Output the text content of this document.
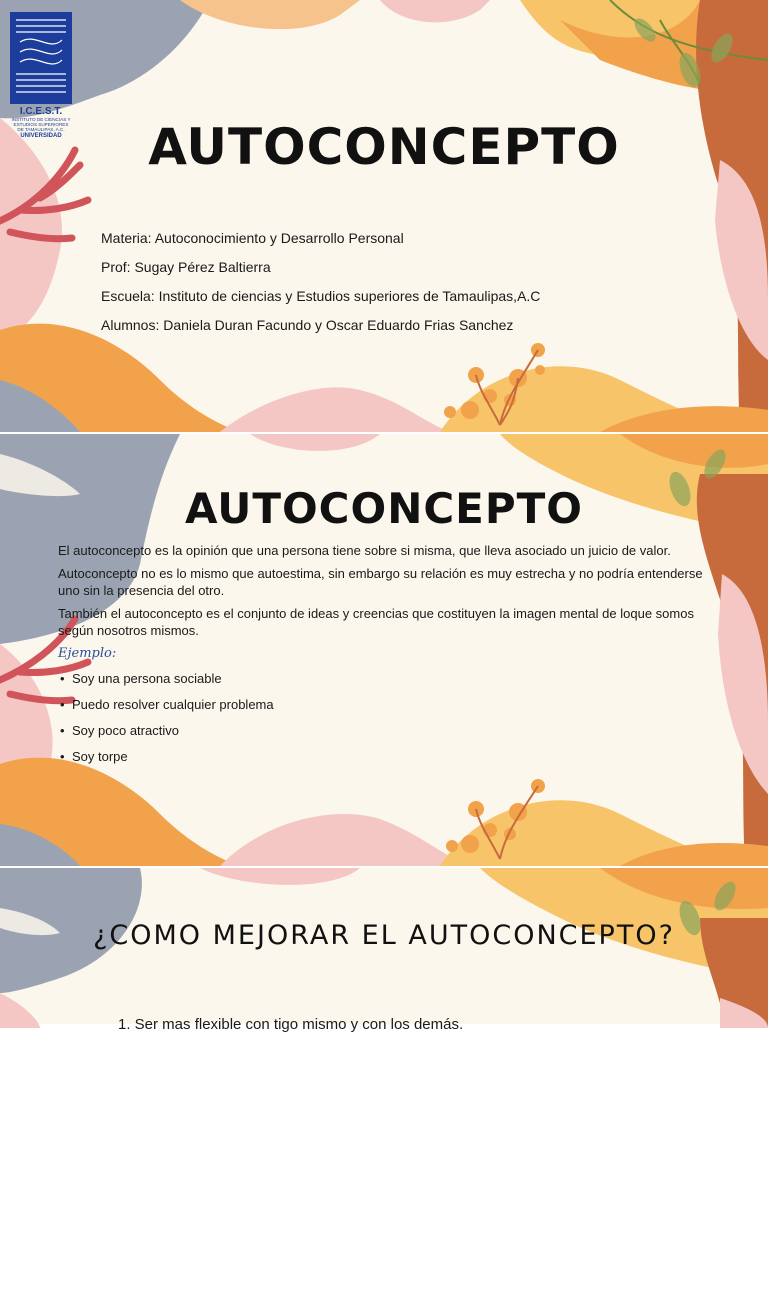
I.C.E.S.T.
INSTITUTO DE CIENCIAS Y ESTUDIOS SUPERIORES DE TAMAULIPAS, A.C.
UNIVERSIDAD	AUTOCONCEPTO
Materia: Autoconocimiento y Desarrollo Personal
Prof: Sugay Pérez Baltierra
Escuela: Instituto de ciencias y Estudios superiores de Tamaulipas,A.C
Alumnos: Daniela Duran Facundo y Oscar Eduardo Frias Sanchez
AUTOCONCEPTO

El autoconcepto es la opinión que una persona tiene sobre si misma, que lleva asociado un juicio de valor.

Autoconcepto no es lo mismo que autoestima, sin embargo su relación es muy estrecha y no podría entenderse uno sin la presencia del otro.

También el autoconcepto es el conjunto de ideas y creencias que costituyen la imagen mental de loque somos según nosotros mismos.

Ejemplo:
• Soy una persona sociable
• Puedo resolver cualquier problema
• Soy poco atractivo
• Soy torpe
¿COMO MEJORAR EL AUTOCONCEPTO?
1. Ser mas flexible con tigo mismo y con los demás.
